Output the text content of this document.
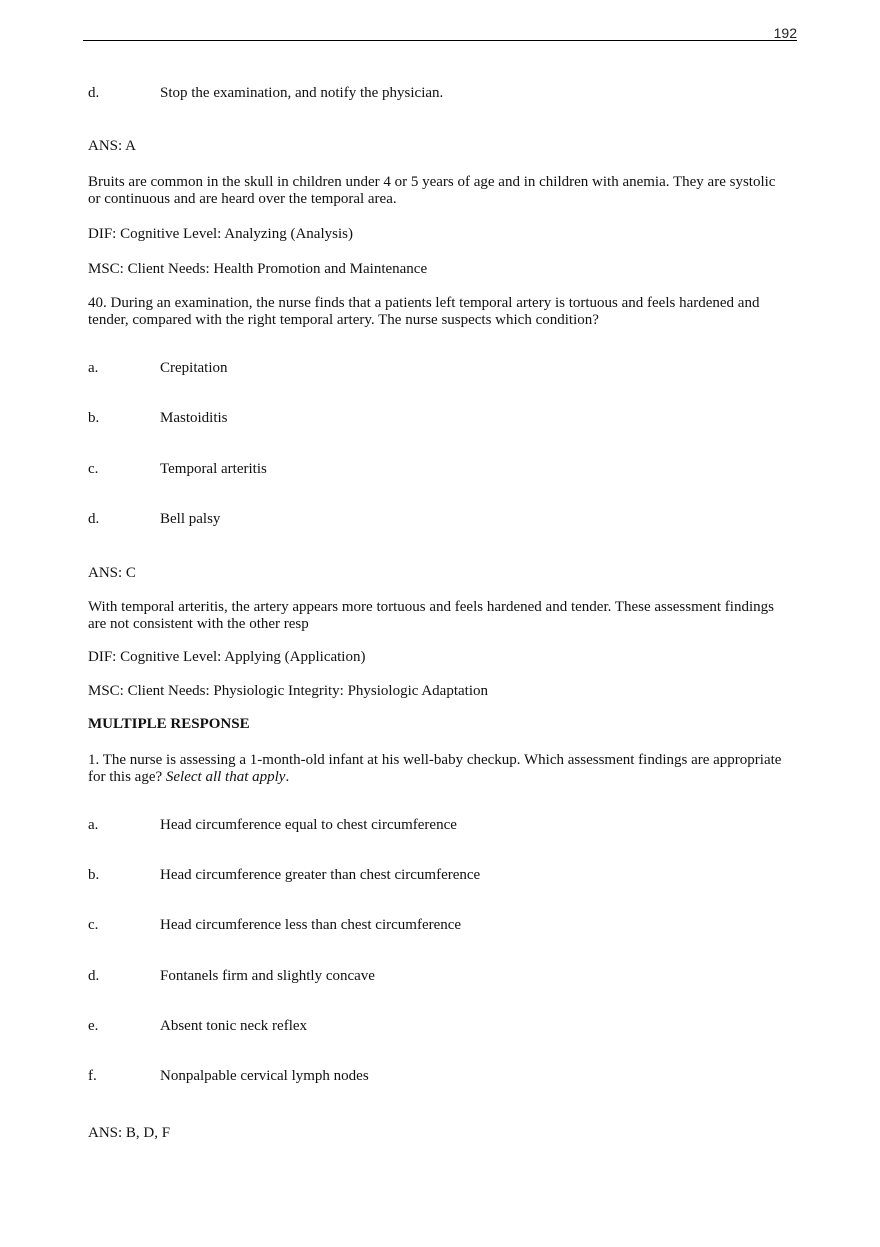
192
d.	Stop the examination, and notify the physician.
ANS: A
Bruits are common in the skull in children under 4 or 5 years of age and in children with anemia. They are systolic or continuous and are heard over the temporal area.
DIF: Cognitive Level: Analyzing (Analysis)
MSC: Client Needs: Health Promotion and Maintenance
40. During an examination, the nurse finds that a patients left temporal artery is tortuous and feels hardened and tender, compared with the right temporal artery. The nurse suspects which condition?
a.	Crepitation
b.	Mastoiditis
c.	Temporal arteritis
d.	Bell palsy
ANS: C
With temporal arteritis, the artery appears more tortuous and feels hardened and tender. These assessment findings are not consistent with the other resp
DIF: Cognitive Level: Applying (Application)
MSC: Client Needs: Physiologic Integrity: Physiologic Adaptation
MULTIPLE RESPONSE
1. The nurse is assessing a 1-month-old infant at his well-baby checkup. Which assessment findings are appropriate for this age? Select all that apply.
a.	Head circumference equal to chest circumference
b.	Head circumference greater than chest circumference
c.	Head circumference less than chest circumference
d.	Fontanels firm and slightly concave
e.	Absent tonic neck reflex
f.	Nonpalpable cervical lymph nodes
ANS: B, D, F
